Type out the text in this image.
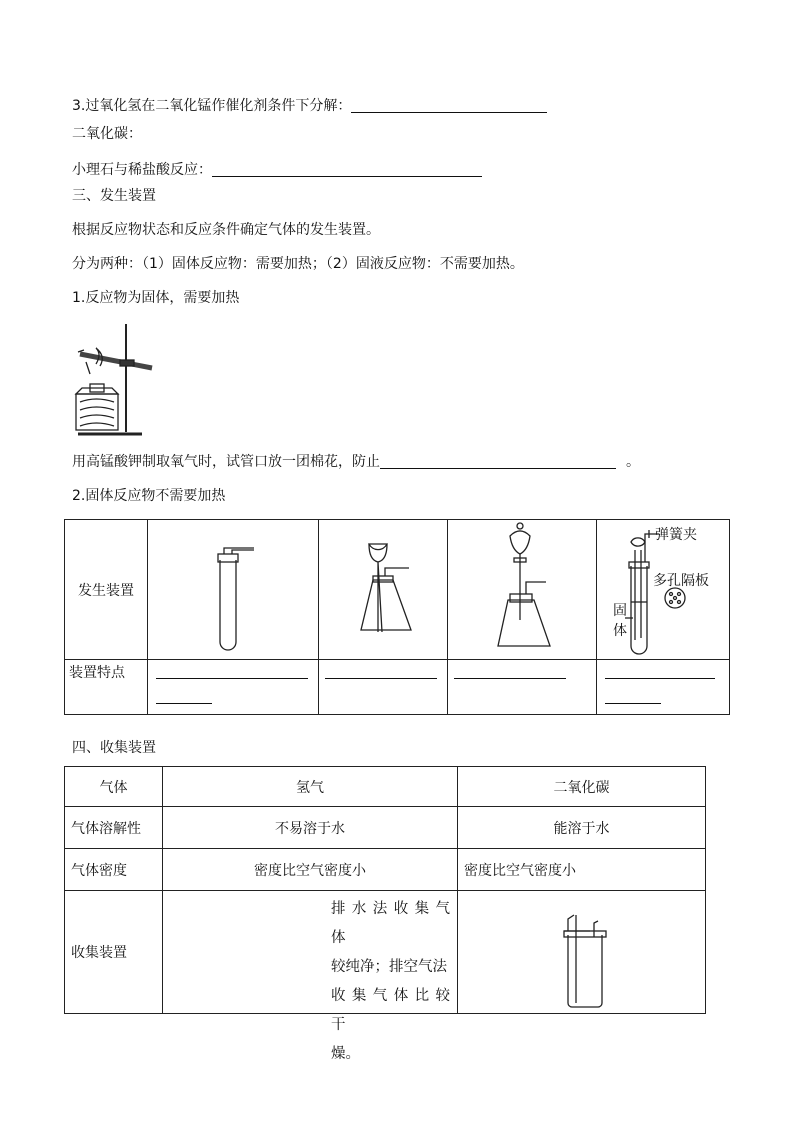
3.过氧化氢在二氧化锰作催化剂条件下分解：
二氧化碳：
小理石与稀盐酸反应：
三、发生装置
根据反应物状态和反应条件确定气体的发生装置。
分为两种：（1）固体反应物：需要加热；（2）固液反应物：不需要加热。
1.反应物为固体，需要加热
用高锰酸钾制取氧气时，试管口放一团棉花，防止	。
2.固体反应物不需要加热
发生装置				弹簧夹
多孔隔板
固
体

装置特点	

四、收集装置
气体	氢气	二氧化碳
气体溶解性	不易溶于水	能溶于水
气体密度	密度比空气密度小	密度比空气密度小
收集装置	排水法收集气体
较纯净；排空气法
收集气体比较干
燥。
